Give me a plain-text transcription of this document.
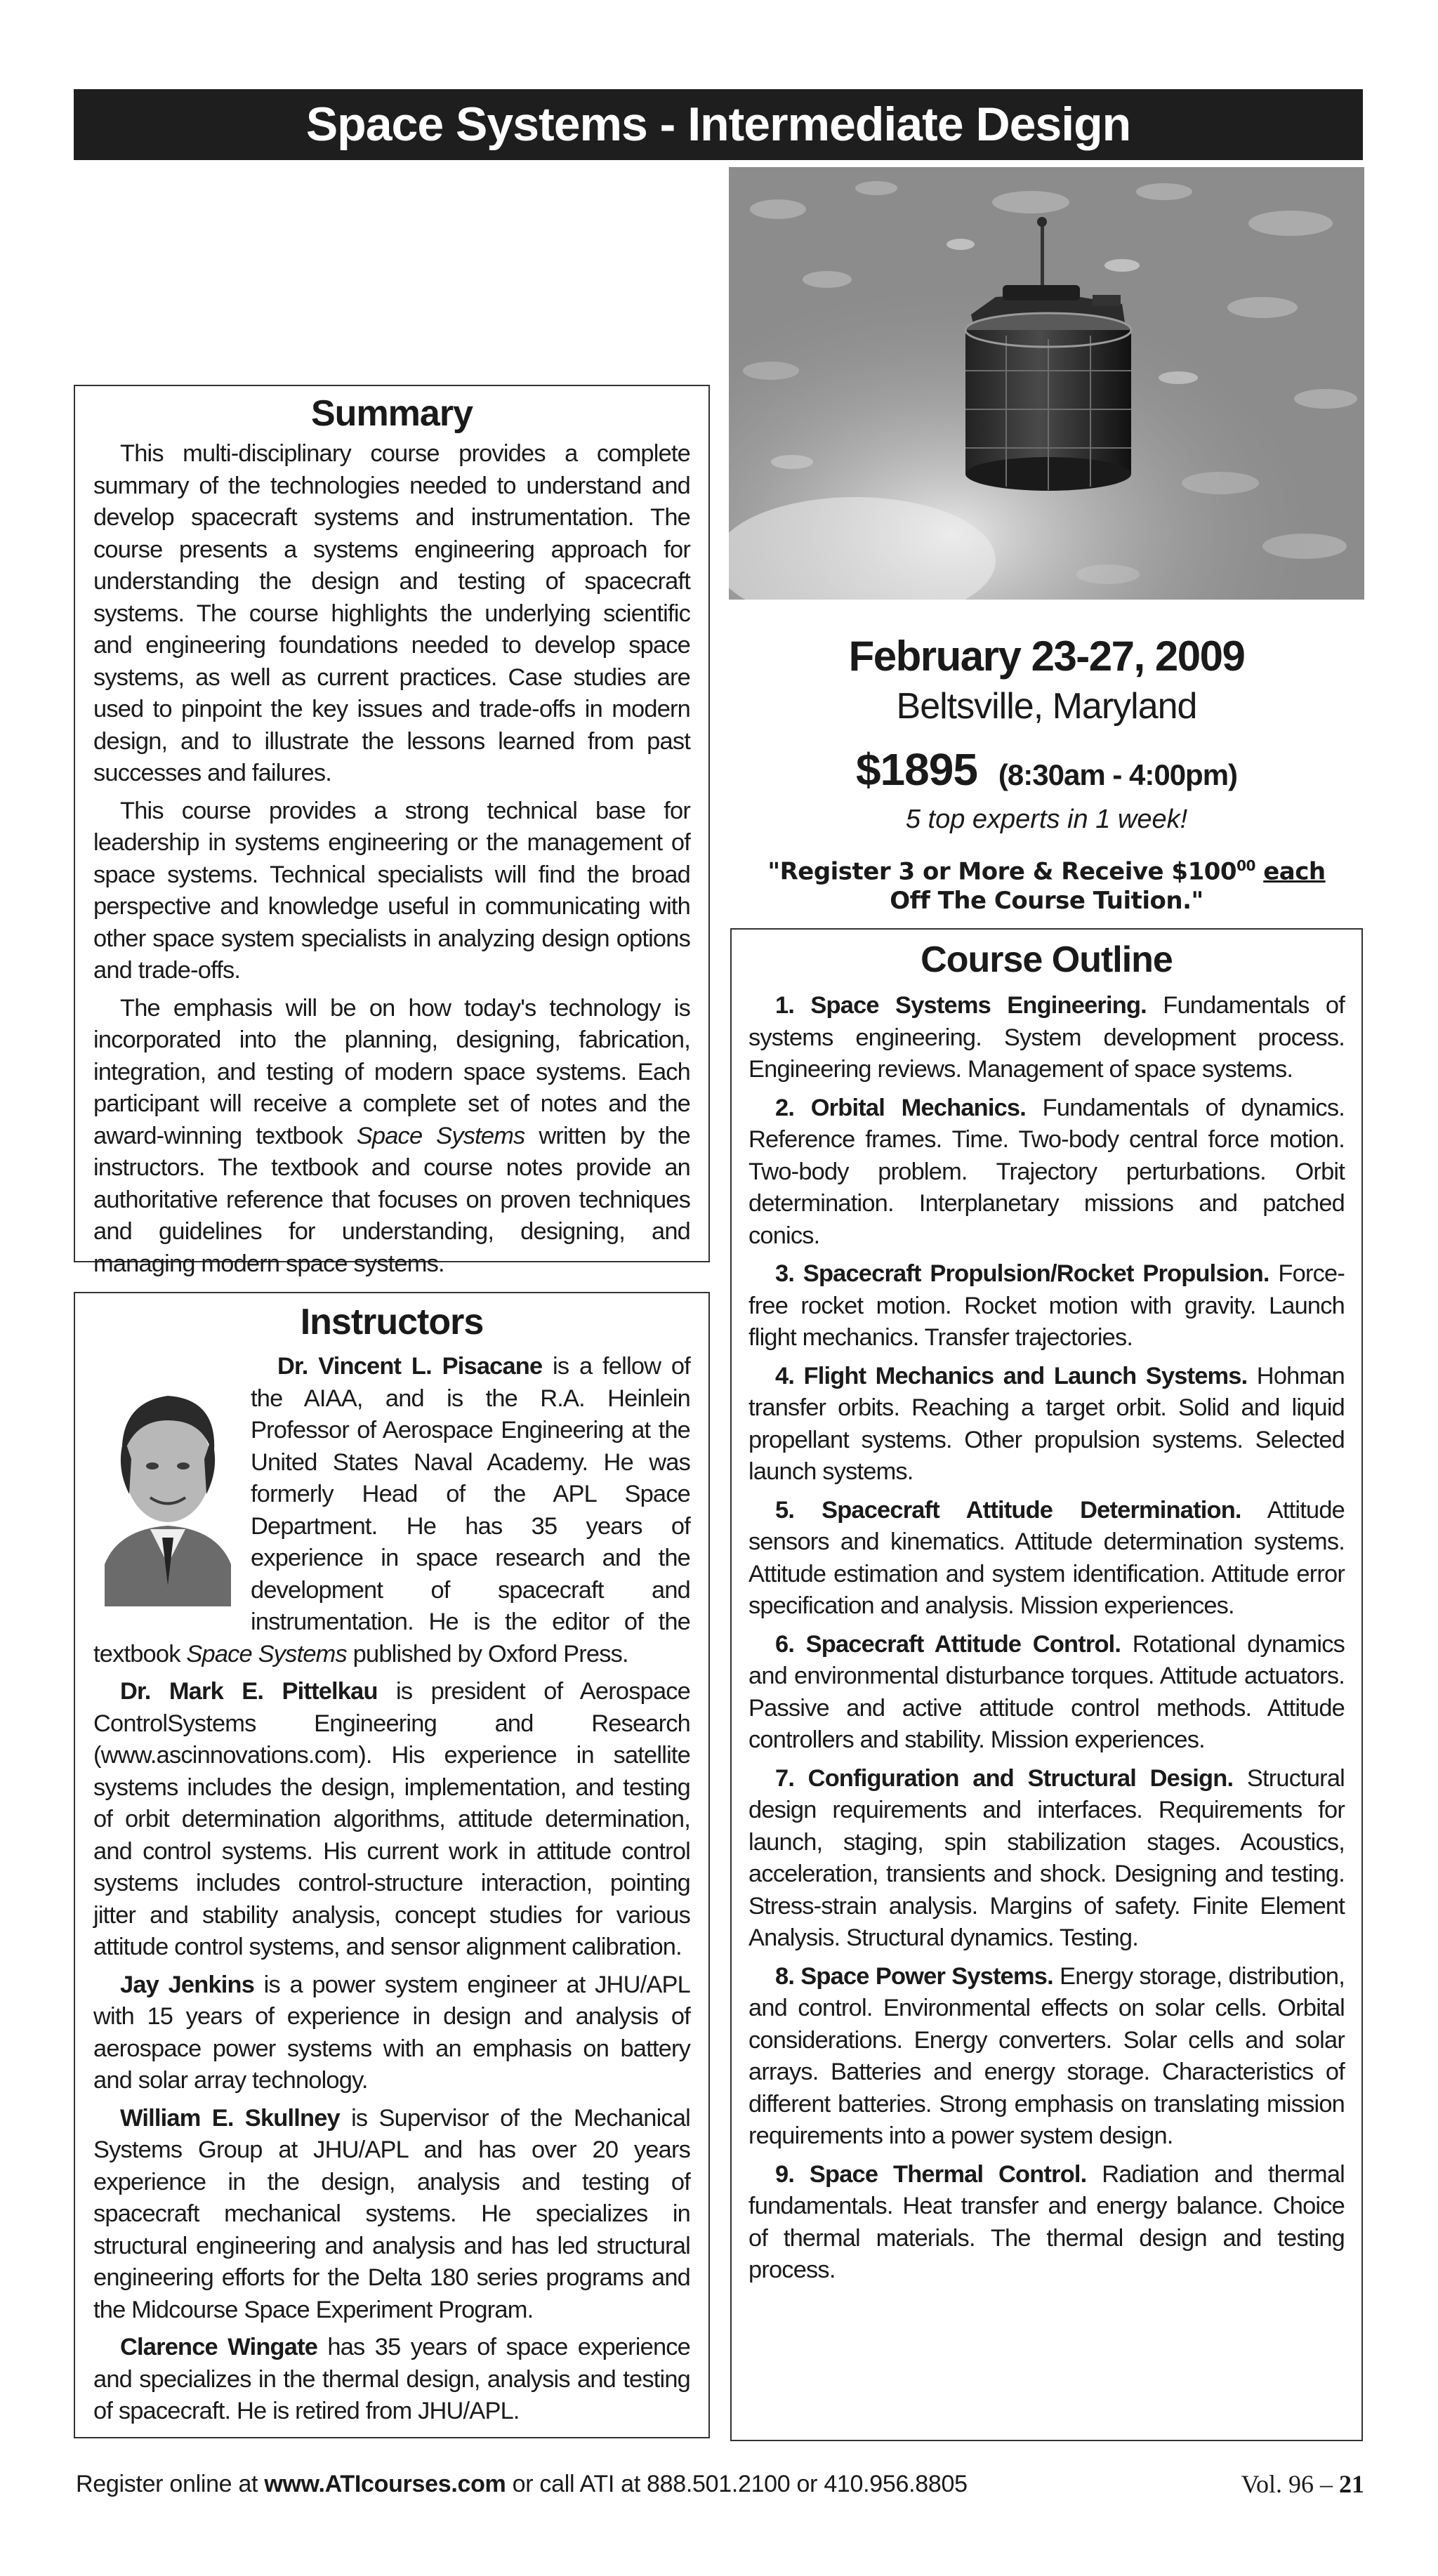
Space Systems - Intermediate Design
Summary

This multi-disciplinary course provides a complete summary of the technologies needed to understand and develop spacecraft systems and instrumentation. The course presents a systems engineering approach for understanding the design and testing of spacecraft systems. The course highlights the underlying scientific and engineering foundations needed to develop space systems, as well as current practices. Case studies are used to pinpoint the key issues and trade-offs in modern design, and to illustrate the lessons learned from past successes and failures.

This course provides a strong technical base for leadership in systems engineering or the management of space systems. Technical specialists will find the broad perspective and knowledge useful in communicating with other space system specialists in analyzing design options and trade-offs.

The emphasis will be on how today's technology is incorporated into the planning, designing, fabrication, integration, and testing of modern space systems. Each participant will receive a complete set of notes and the award-winning textbook Space Systems written by the instructors. The textbook and course notes provide an authoritative reference that focuses on proven techniques and guidelines for understanding, designing, and managing modern space systems.

February 23-27, 2009
Beltsville, Maryland
$1895 (8:30am - 4:00pm)
5 top experts in 1 week!
"Register 3 or More & Receive $\$100^{00}$ each
Off The Course Tuition."
Course Outline

1. Space Systems Engineering. Fundamentals of systems engineering. System development process. Engineering reviews. Management of space systems.

2. Orbital Mechanics. Fundamentals of dynamics. Reference frames. Time. Two-body central force motion. Two-body problem. Trajectory perturbations. Orbit determination. Interplanetary missions and patched conics.

3. Spacecraft Propulsion/Rocket Propulsion. Force-free rocket motion. Rocket motion with gravity. Launch flight mechanics. Transfer trajectories.

4. Flight Mechanics and Launch Systems. Hohman transfer orbits. Reaching a target orbit. Solid and liquid propellant systems. Other propulsion systems. Selected launch systems.

5. Spacecraft Attitude Determination. Attitude sensors and kinematics. Attitude determination systems. Attitude estimation and system identification. Attitude error specification and analysis. Mission experiences.

6. Spacecraft Attitude Control. Rotational dynamics and environmental disturbance torques. Attitude actuators. Passive and active attitude control methods. Attitude controllers and stability. Mission experiences.

7. Configuration and Structural Design. Structural design requirements and interfaces. Requirements for launch, staging, spin stabilization stages. Acoustics, acceleration, transients and shock. Designing and testing. Stress-strain analysis. Margins of safety. Finite Element Analysis. Structural dynamics. Testing.

8. Space Power Systems. Energy storage, distribution, and control. Environmental effects on solar cells. Orbital considerations. Energy converters. Solar cells and solar arrays. Batteries and energy storage. Characteristics of different batteries. Strong emphasis on translating mission requirements into a power system design.

9. Space Thermal Control. Radiation and thermal fundamentals. Heat transfer and energy balance. Choice of thermal materials. The thermal design and testing process.

Instructors

Dr. Vincent L. Pisacane
is a fellow of the AIAA, and is the R.A. Heinlein Professor of Aerospace Engineering at the United States Naval Academy. He was formerly Head of the APL Space Department. He has 35 years of experience in space research and the development of spacecraft and instrumentation. He is the editor of the textbook Space Systems published by Oxford Press.

Dr. Mark E. Pittelkau is president of Aerospace ControlSystems Engineering and Research (www.ascinnovations.com). His experience in satellite systems includes the design, implementation, and testing of orbit determination algorithms, attitude determination, and control systems. His current work in attitude control systems includes control-structure interaction, pointing jitter and stability analysis, concept studies for various attitude control systems, and sensor alignment calibration.

Jay Jenkins is a power system engineer at JHU/APL with 15 years of experience in design and analysis of aerospace power systems with an emphasis on battery and solar array technology.

William E. Skullney is Supervisor of the Mechanical Systems Group at JHU/APL and has over 20 years experience in the design, analysis and testing of spacecraft mechanical systems. He specializes in structural engineering and analysis and has led structural engineering efforts for the Delta 180 series programs and the Midcourse Space Experiment Program.

Clarence Wingate has 35 years of space experience and specializes in the thermal design, analysis and testing of spacecraft. He is retired from JHU/APL.

Register online at www.ATIcourses.com or call ATI at 888.501.2100 or 410.956.8805	Vol. 96 – 21
